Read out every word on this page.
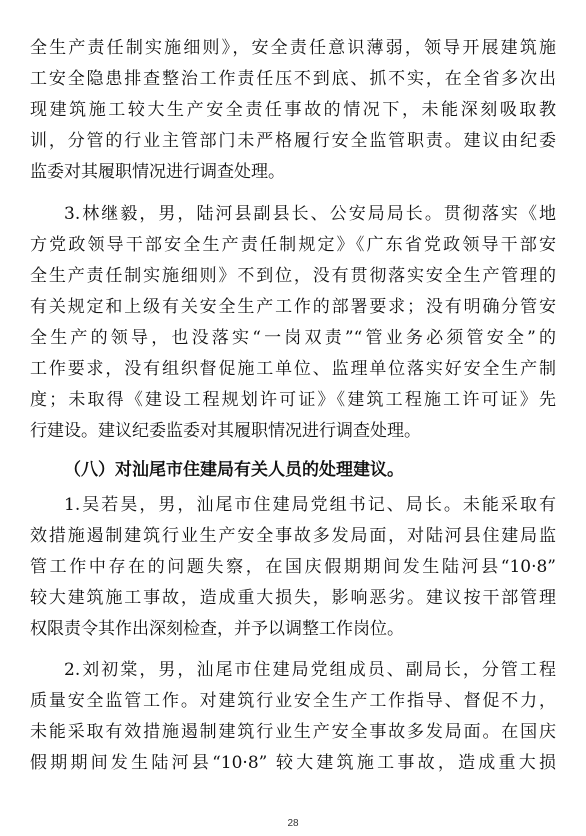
全生产责任制实施细则》，安全责任意识薄弱，领导开展建筑施
工安全隐患排查整治工作责任压不到底、抓不实，在全省多次出
现建筑施工较大生产安全责任事故的情况下，未能深刻吸取教
训，分管的行业主管部门未严格履行安全监管职责。建议由纪委
监委对其履职情况进行调查处理。
3.林继毅，男，陆河县副县长、公安局局长。贯彻落实《地
方党政领导干部安全生产责任制规定》《广东省党政领导干部安
全生产责任制实施细则》不到位，没有贯彻落实安全生产管理的
有关规定和上级有关安全生产工作的部署要求；没有明确分管安
全生产的领导，也没落实“一岗双责”“管业务必须管安全”的
工作要求，没有组织督促施工单位、监理单位落实好安全生产制
度；未取得《建设工程规划许可证》《建筑工程施工许可证》先
行建设。建议纪委监委对其履职情况进行调查处理。
（八）对汕尾市住建局有关人员的处理建议。
1.吴若昊，男，汕尾市住建局党组书记、局长。未能采取有
效措施遏制建筑行业生产安全事故多发局面，对陆河县住建局监
管工作中存在的问题失察，在国庆假期期间发生陆河县“10·8”
较大建筑施工事故，造成重大损失，影响恶劣。建议按干部管理
权限责令其作出深刻检查，并予以调整工作岗位。
2.刘初棠，男，汕尾市住建局党组成员、副局长，分管工程
质量安全监管工作。对建筑行业安全生产工作指导、督促不力，
未能采取有效措施遏制建筑行业生产安全事故多发局面。在国庆
假期期间发生陆河县“10·8” 较大建筑施工事故，造成重大损
28
